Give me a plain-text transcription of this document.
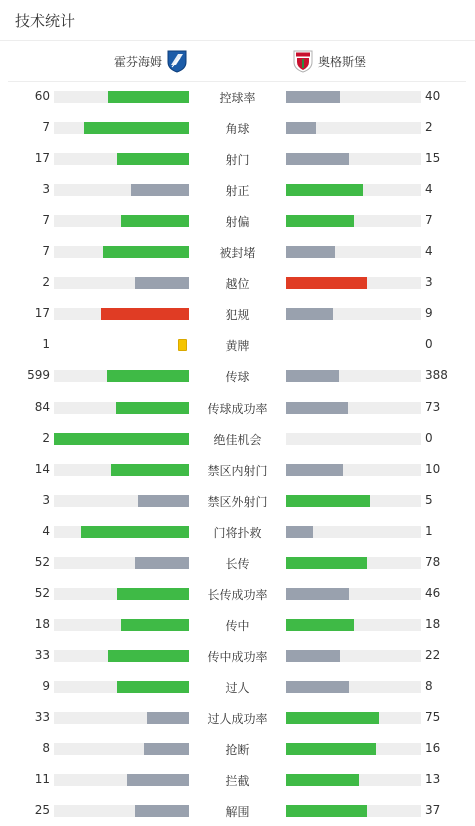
技术统计
霍芬海姆	奥格斯堡
60	控球率	40
7	角球	2
17	射门	15
3	射正	4
7	射偏	7
7	被封堵	4
2	越位	3
17	犯规	9
1	黄牌	0
599	传球	388
84	传球成功率	73
2	绝佳机会	0
14	禁区内射门	10
3	禁区外射门	5
4	门将扑救	1
52	长传	78
52	长传成功率	46
18	传中	18
33	传中成功率	22
9	过人	8
33	过人成功率	75
8	抢断	16
11	拦截	13
25	解围	37
